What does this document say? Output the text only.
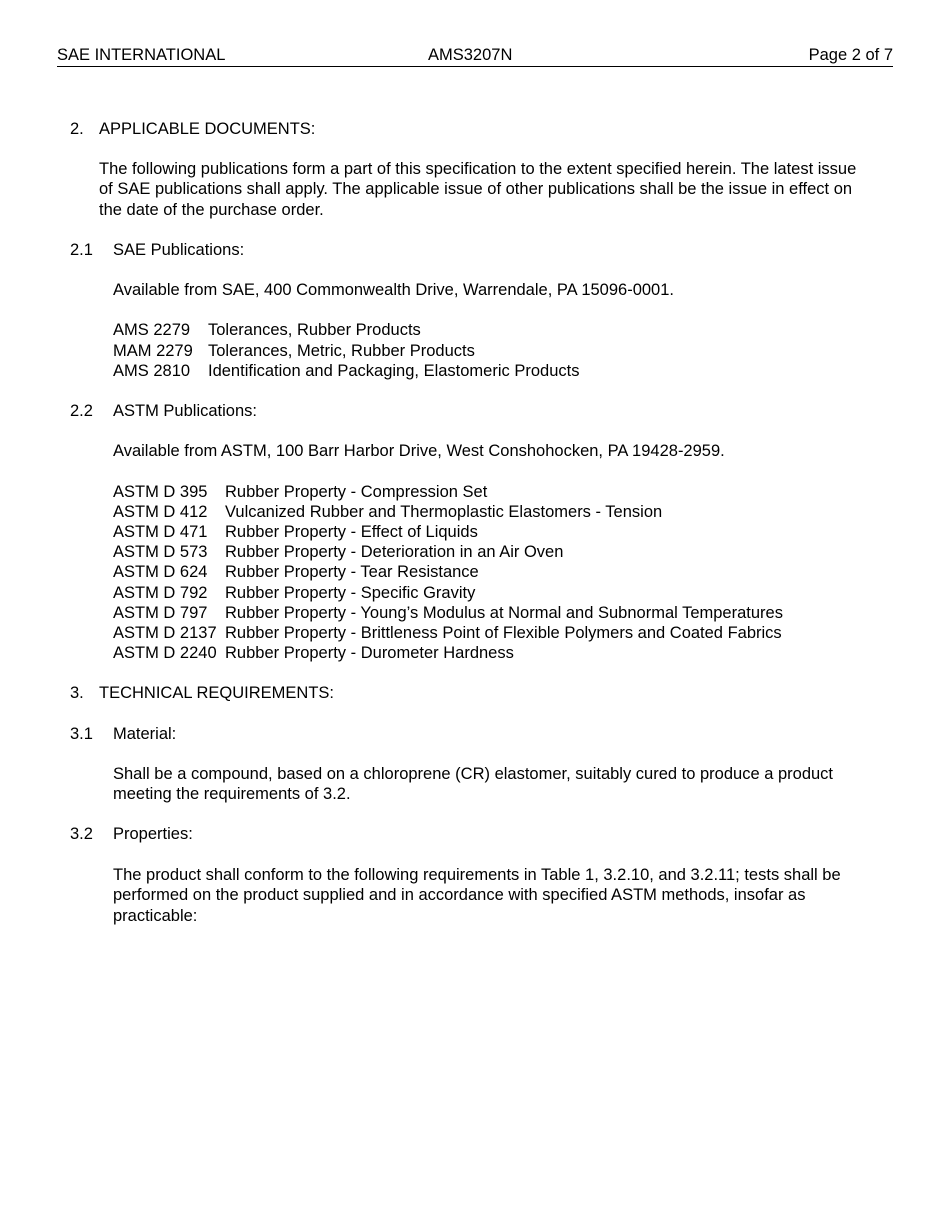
SAE INTERNATIONAL	AMS3207N	Page 2 of 7
2. APPLICABLE DOCUMENTS:
The following publications form a part of this specification to the extent specified herein. The latest issue of SAE publications shall apply. The applicable issue of other publications shall be the issue in effect on the date of the purchase order.
2.1 SAE Publications:
Available from SAE, 400 Commonwealth Drive, Warrendale, PA 15096-0001.
AMS 2279 Tolerances, Rubber Products
MAM 2279 Tolerances, Metric, Rubber Products
AMS 2810 Identification and Packaging, Elastomeric Products
2.2 ASTM Publications:
Available from ASTM, 100 Barr Harbor Drive, West Conshohocken, PA 19428-2959.
ASTM D 395 Rubber Property - Compression Set
ASTM D 412 Vulcanized Rubber and Thermoplastic Elastomers - Tension
ASTM D 471 Rubber Property - Effect of Liquids
ASTM D 573 Rubber Property - Deterioration in an Air Oven
ASTM D 624 Rubber Property - Tear Resistance
ASTM D 792 Rubber Property - Specific Gravity
ASTM D 797 Rubber Property - Young’s Modulus at Normal and Subnormal Temperatures
ASTM D 2137 Rubber Property - Brittleness Point of Flexible Polymers and Coated Fabrics
ASTM D 2240 Rubber Property - Durometer Hardness
3. TECHNICAL REQUIREMENTS:
3.1 Material:
Shall be a compound, based on a chloroprene (CR) elastomer, suitably cured to produce a product meeting the requirements of 3.2.
3.2 Properties:
The product shall conform to the following requirements in Table 1, 3.2.10, and 3.2.11; tests shall be performed on the product supplied and in accordance with specified ASTM methods, insofar as practicable:
